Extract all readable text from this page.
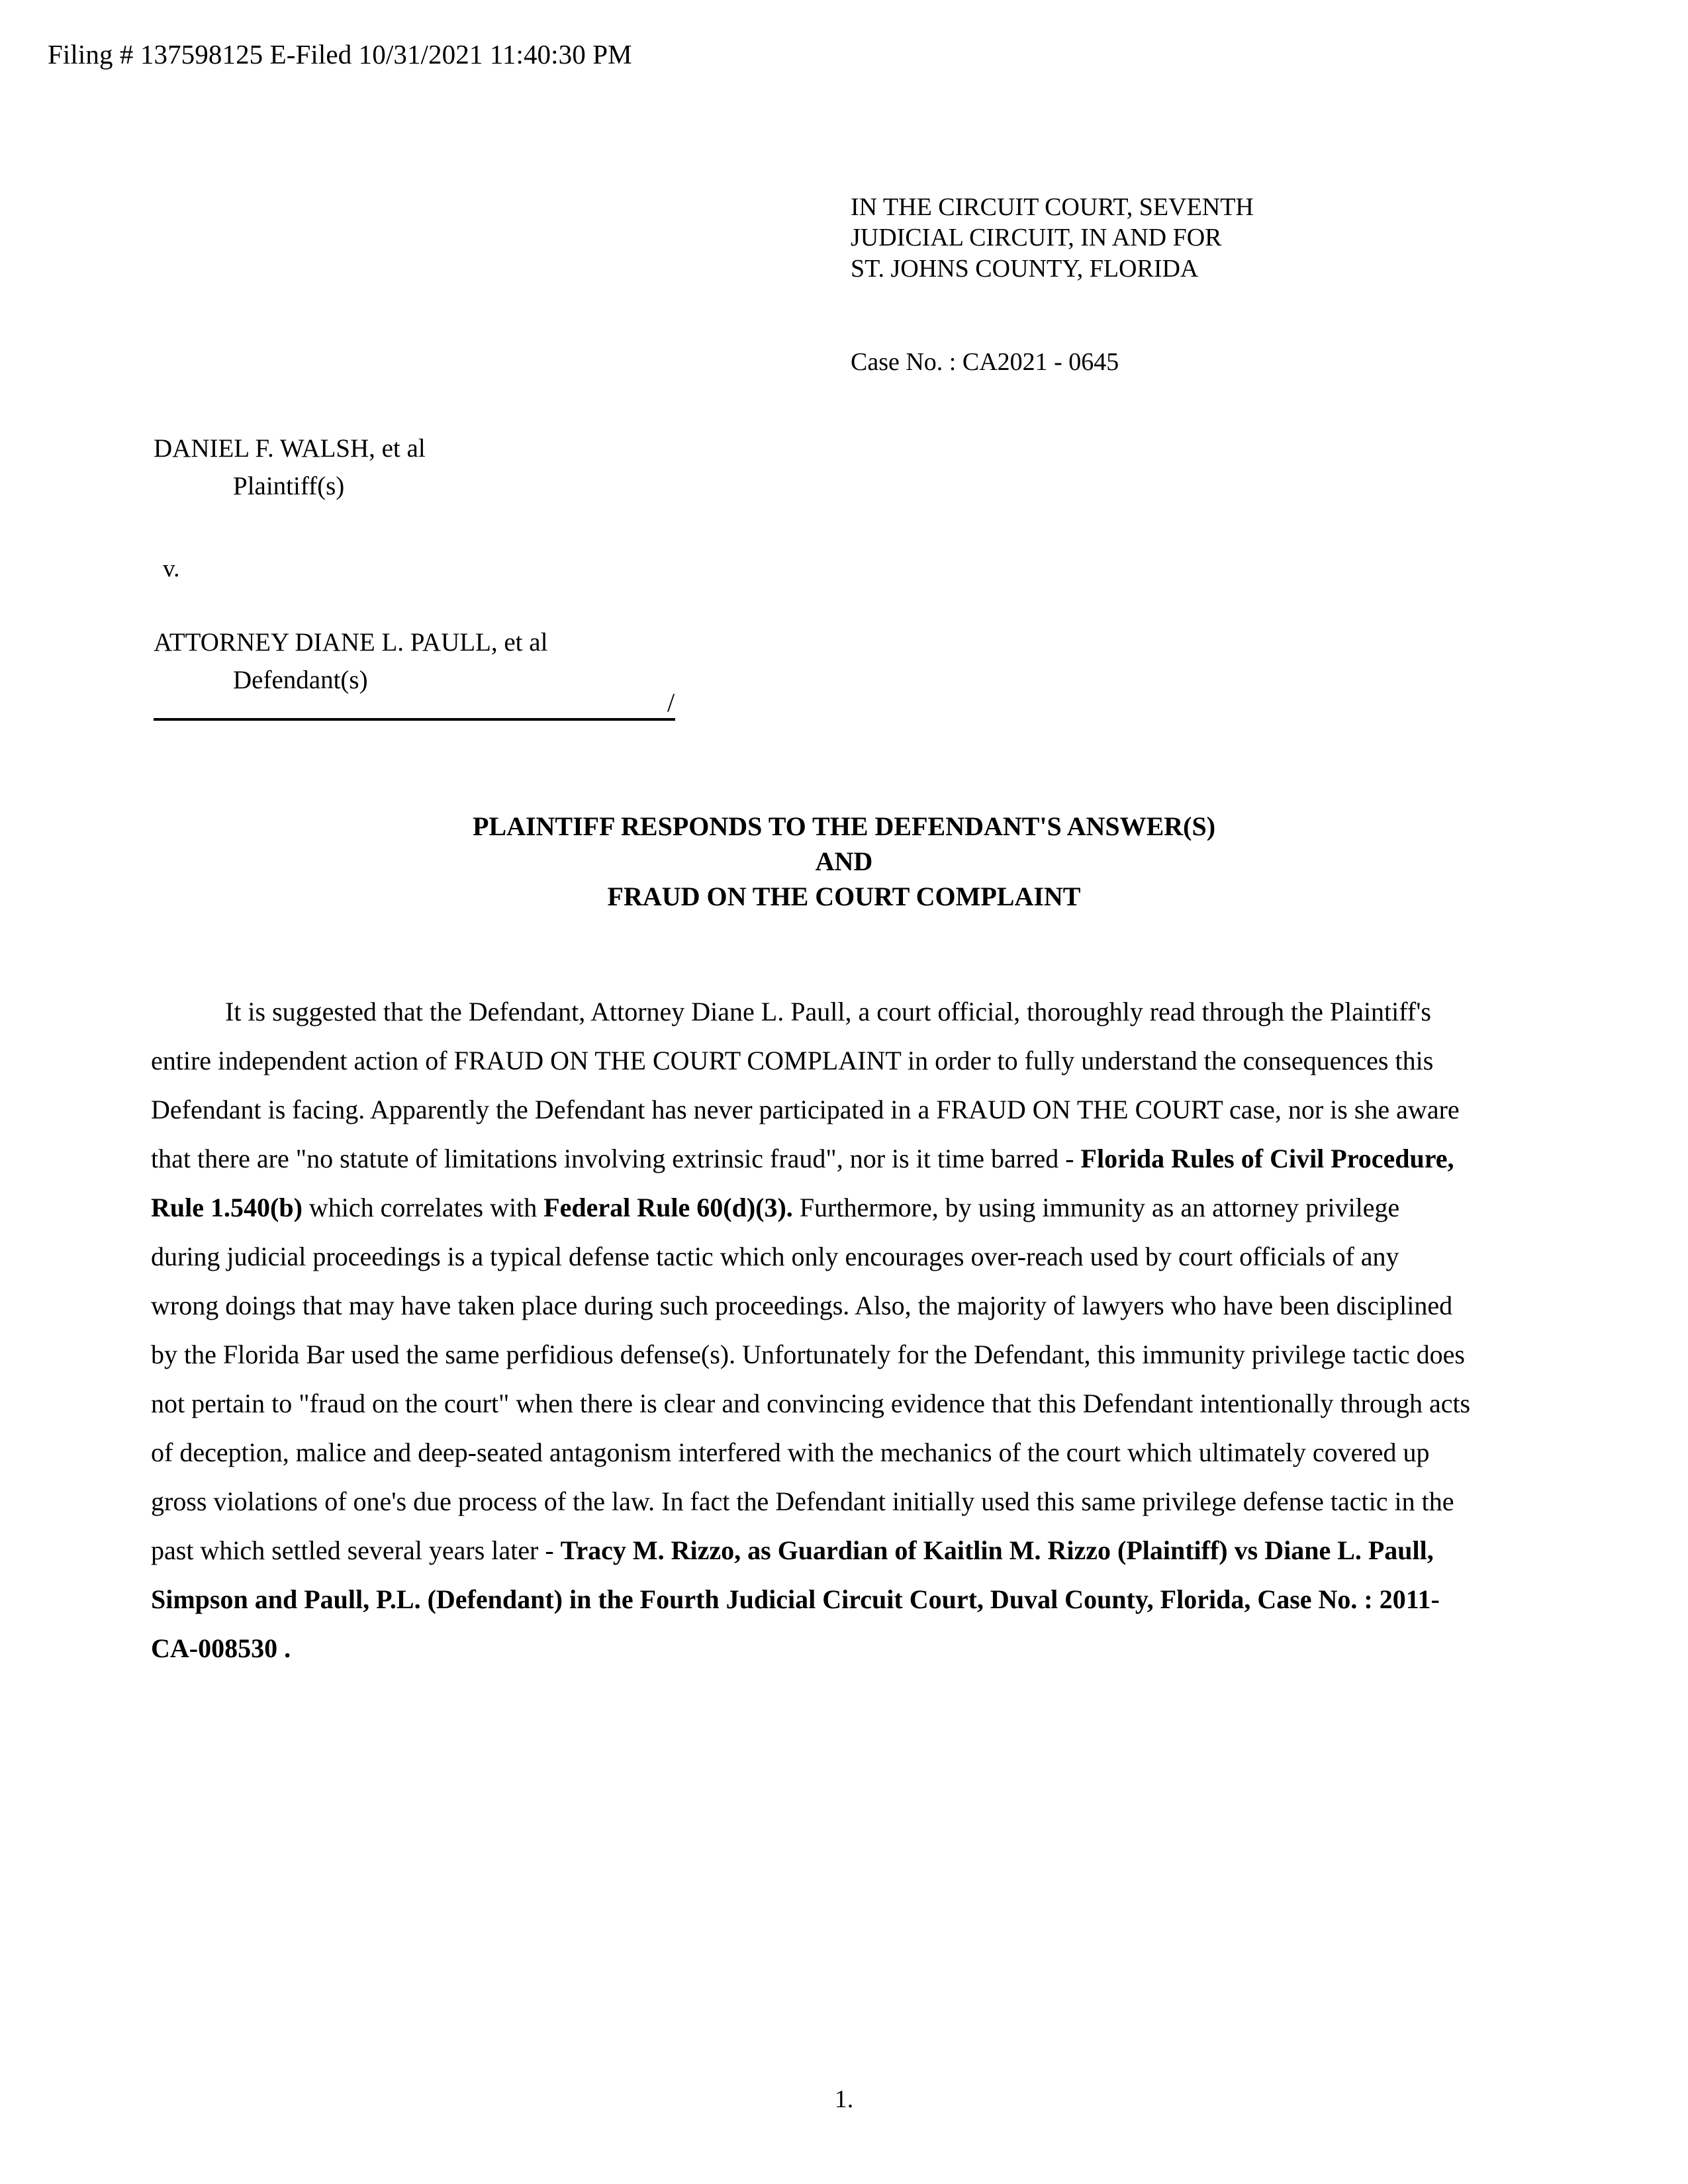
Filing # 137598125 E-Filed 10/31/2021 11:40:30 PM
IN THE CIRCUIT COURT, SEVENTH
JUDICIAL CIRCUIT, IN AND FOR
ST. JOHNS COUNTY, FLORIDA
Case No. : CA2021 - 0645
DANIEL F. WALSH, et al
Plaintiff(s)
v.
ATTORNEY DIANE L. PAULL, et al
Defendant(s)
/
PLAINTIFF RESPONDS TO THE DEFENDANT'S ANSWER(S)
AND
FRAUD ON THE COURT COMPLAINT

It is suggested that the Defendant, Attorney Diane L. Paull, a court official, thoroughly read through the Plaintiff's entire independent action of FRAUD ON THE COURT COMPLAINT in order to fully understand the consequences this Defendant is facing. Apparently the Defendant has never participated in a FRAUD ON THE COURT case, nor is she aware that there are "no statute of limitations involving extrinsic fraud", nor is it time barred - Florida Rules of Civil Procedure, Rule 1.540(b) which correlates with Federal Rule 60(d)(3). Furthermore, by using immunity as an attorney privilege during judicial proceedings is a typical defense tactic which only encourages over-reach used by court officials of any wrong doings that may have taken place during such proceedings. Also, the majority of lawyers who have been disciplined by the Florida Bar used the same perfidious defense(s). Unfortunately for the Defendant, this immunity privilege tactic does not pertain to "fraud on the court" when there is clear and convincing evidence that this Defendant intentionally through acts of deception, malice and deep-seated antagonism interfered with the mechanics of the court which ultimately covered up gross violations of one's due process of the law. In fact the Defendant initially used this same privilege defense tactic in the past which settled several years later - Tracy M. Rizzo, as Guardian of Kaitlin M. Rizzo (Plaintiff) vs Diane L. Paull, Simpson and Paull, P.L. (Defendant) in the Fourth Judicial Circuit Court, Duval County, Florida, Case No. : 2011-CA-008530 .

1.
